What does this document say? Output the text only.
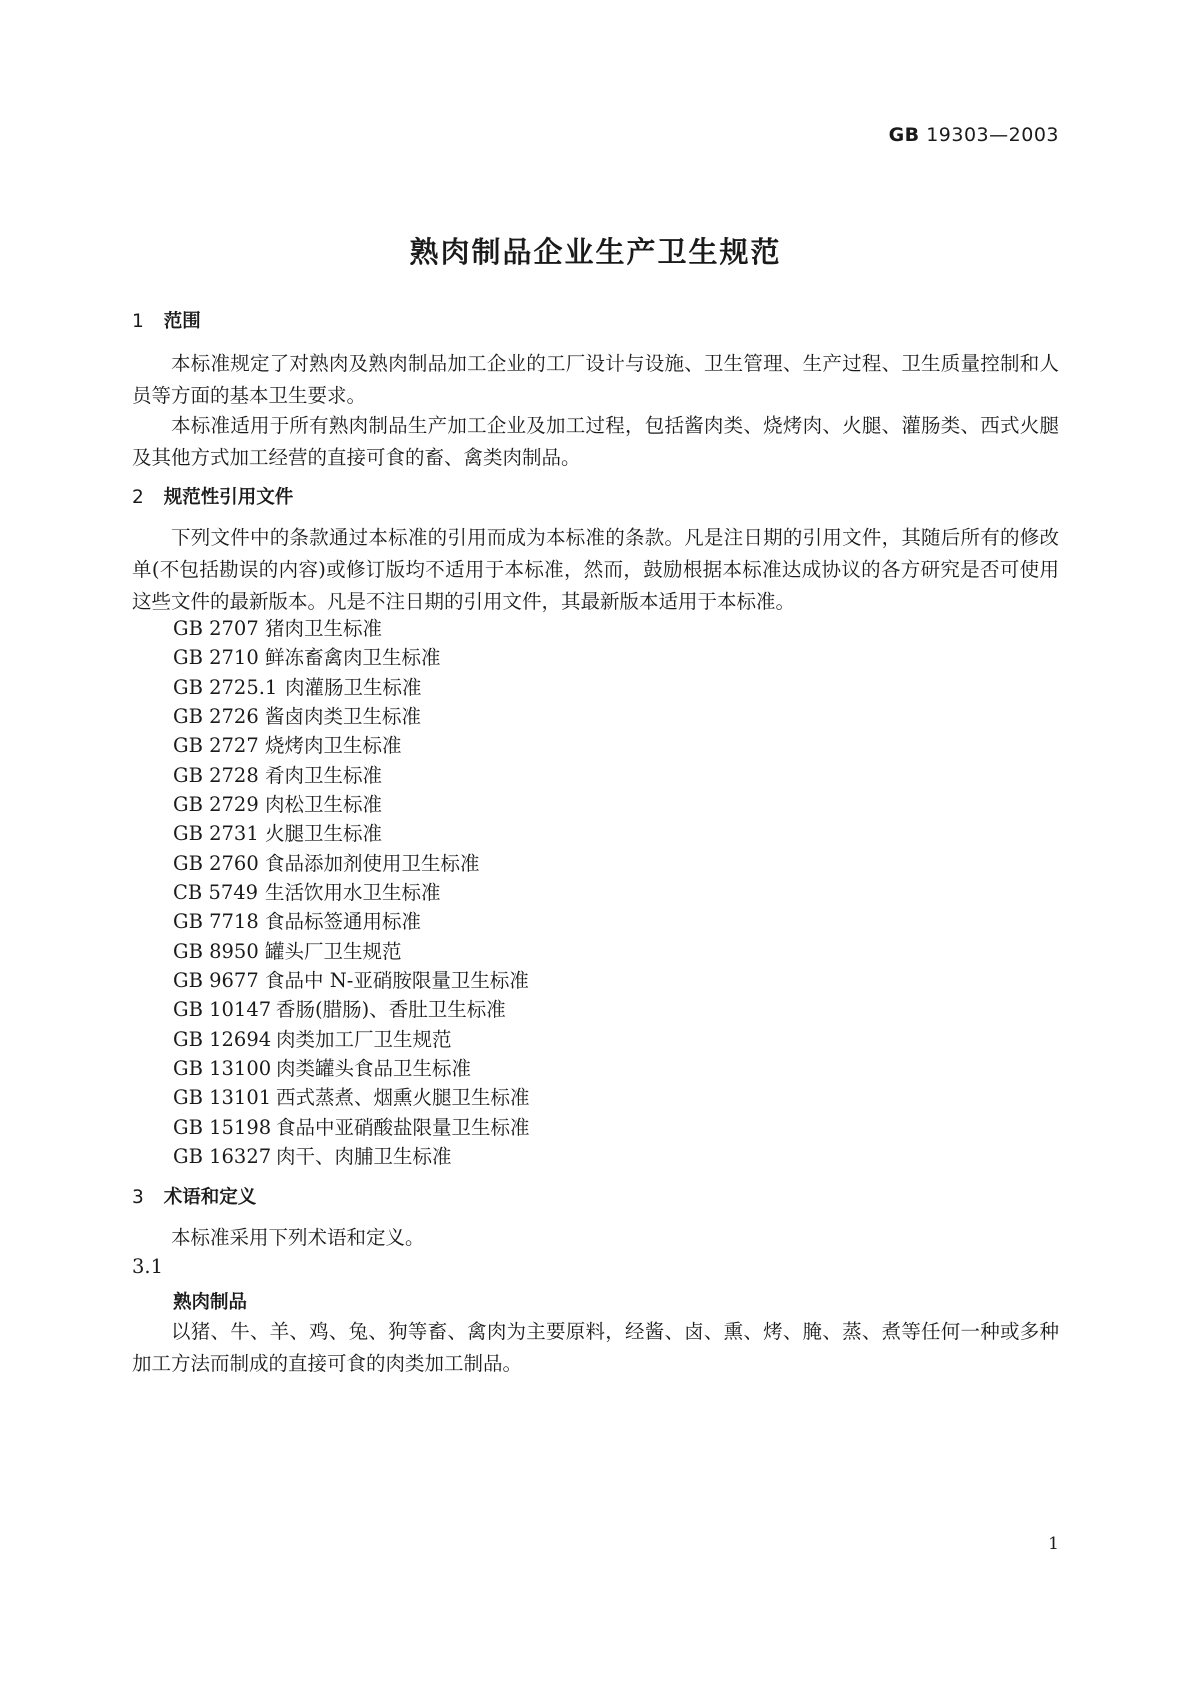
GB 19303—2003
熟肉制品企业生产卫生规范
1 范围
本标准规定了对熟肉及熟肉制品加工企业的工厂设计与设施、卫生管理、生产过程、卫生质量控制和人员等方面的基本卫生要求。
本标准适用于所有熟肉制品生产加工企业及加工过程，包括酱肉类、烧烤肉、火腿、灌肠类、西式火腿及其他方式加工经营的直接可食的畜、禽类肉制品。
2 规范性引用文件
下列文件中的条款通过本标准的引用而成为本标准的条款。凡是注日期的引用文件，其随后所有的修改单(不包括勘误的内容)或修订版均不适用于本标准，然而，鼓励根据本标准达成协议的各方研究是否可使用这些文件的最新版本。凡是不注日期的引用文件，其最新版本适用于本标准。
GB 2707 猪肉卫生标准
GB 2710 鲜冻畜禽肉卫生标准
GB 2725.1 肉灌肠卫生标准
GB 2726 酱卤肉类卫生标准
GB 2727 烧烤肉卫生标准
GB 2728 肴肉卫生标准
GB 2729 肉松卫生标准
GB 2731 火腿卫生标准
GB 2760 食品添加剂使用卫生标准
CB 5749 生活饮用水卫生标准
GB 7718 食品标签通用标准
GB 8950 罐头厂卫生规范
GB 9677 食品中 N-亚硝胺限量卫生标准
GB 10147 香肠(腊肠)、香肚卫生标准
GB 12694 肉类加工厂卫生规范
GB 13100 肉类罐头食品卫生标准
GB 13101 西式蒸煮、烟熏火腿卫生标准
GB 15198 食品中亚硝酸盐限量卫生标准
GB 16327 肉干、肉脯卫生标准
3 术语和定义
本标准采用下列术语和定义。
3.1
熟肉制品
以猪、牛、羊、鸡、兔、狗等畜、禽肉为主要原料，经酱、卤、熏、烤、腌、蒸、煮等任何一种或多种加工方法而制成的直接可食的肉类加工制品。
1
